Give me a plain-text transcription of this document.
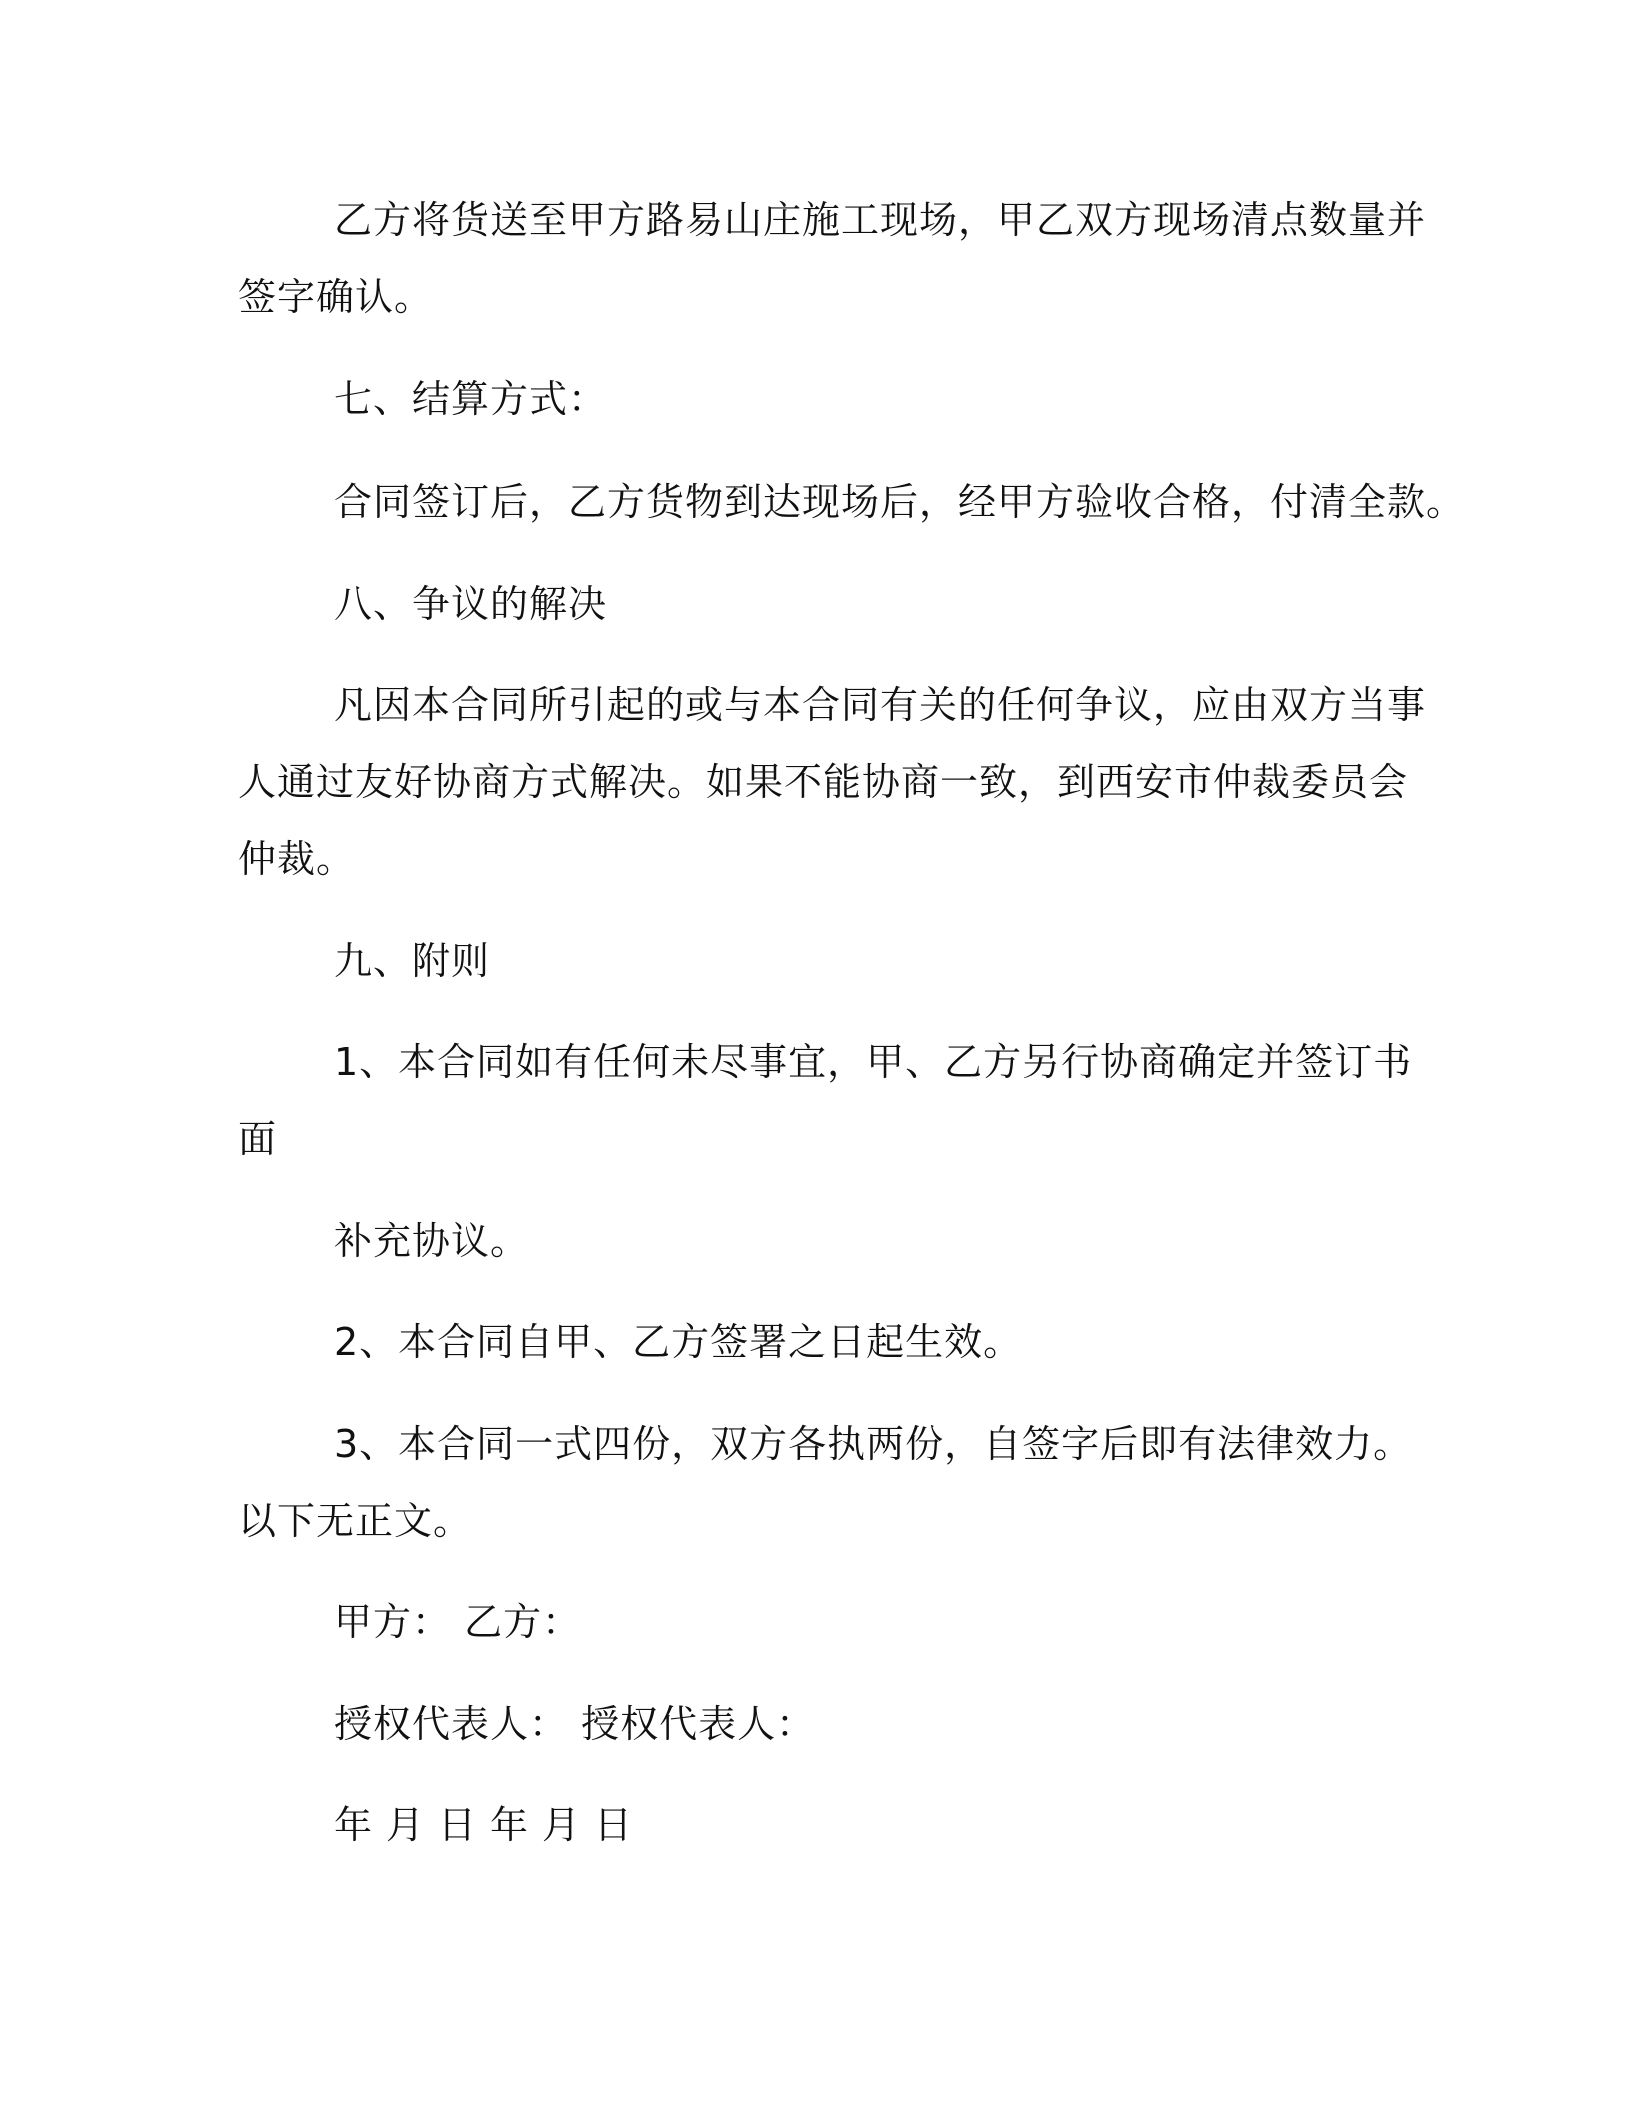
乙方将货送至甲方路易山庄施工现场，甲乙双方现场清点数量并

签字确认。

七、结算方式：

合同签订后，乙方货物到达现场后，经甲方验收合格，付清全款。

八、争议的解决

凡因本合同所引起的或与本合同有关的任何争议，应由双方当事

人通过友好协商方式解决。如果不能协商一致，到西安市仲裁委员会

仲裁。

九、附则

1、本合同如有任何未尽事宜，甲、乙方另行协商确定并签订书

面

补充协议。

2、本合同自甲、乙方签署之日起生效。

3、本合同一式四份，双方各执两份，自签字后即有法律效力。

以下无正文。

甲方： 乙方：

授权代表人： 授权代表人：

年月日年月日
